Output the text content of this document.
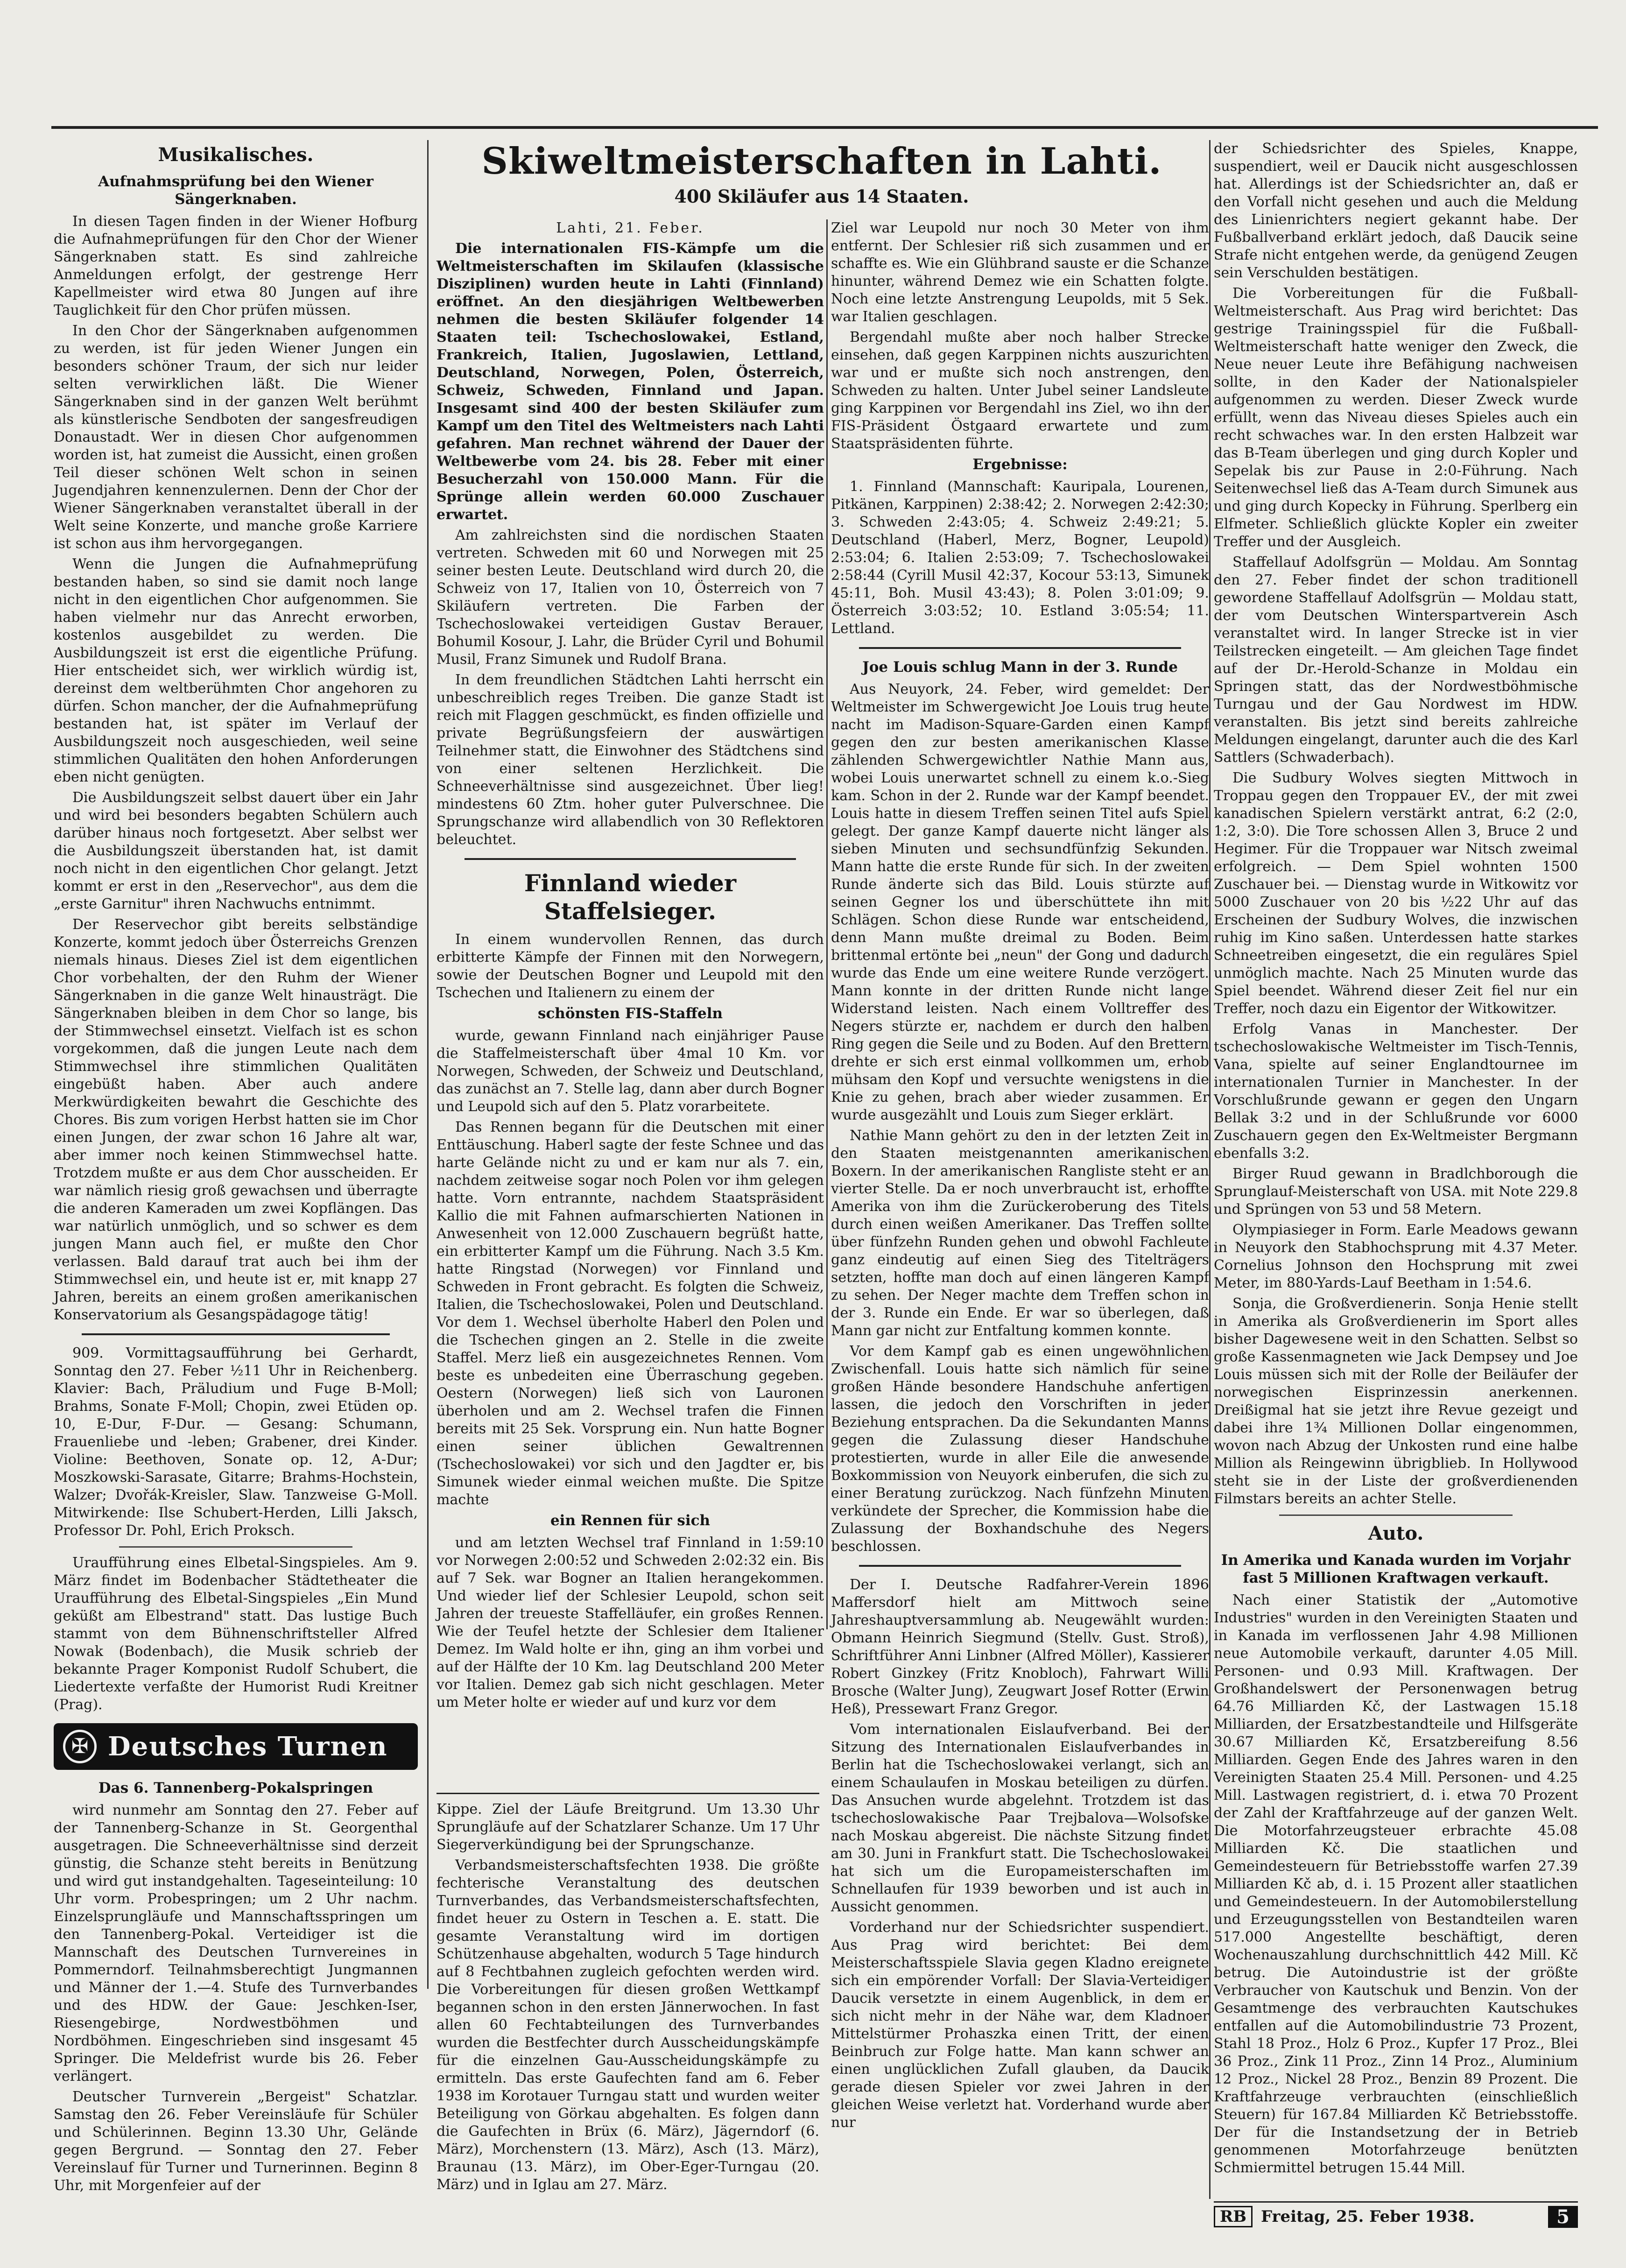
Musikalisches.
Aufnahmsprüfung bei den Wiener Sängerknaben.

In diesen Tagen finden in der Wiener Hofburg die Aufnahmeprüfungen für den Chor der Wiener Sängerknaben statt. Es sind zahlreiche Anmeldungen erfolgt, der gestrenge Herr Kapellmeister wird etwa 80 Jungen auf ihre Tauglichkeit für den Chor prüfen müssen.

In den Chor der Sängerknaben aufgenommen zu werden, ist für jeden Wiener Jungen ein besonders schöner Traum, der sich nur leider selten verwirklichen läßt. Die Wiener Sängerknaben sind in der ganzen Welt berühmt als künstlerische Sendboten der sangesfreudigen Donaustadt. Wer in diesen Chor aufgenommen worden ist, hat zumeist die Aussicht, einen großen Teil dieser schönen Welt schon in seinen Jugendjahren kennenzulernen. Denn der Chor der Wiener Sängerknaben veranstaltet überall in der Welt seine Konzerte, und manche große Karriere ist schon aus ihm hervorgegangen.

Wenn die Jungen die Aufnahmeprüfung bestanden haben, so sind sie damit noch lange nicht in den eigentlichen Chor aufgenommen. Sie haben vielmehr nur das Anrecht erworben, kostenlos ausgebildet zu werden. Die Ausbildungszeit ist erst die eigentliche Prüfung. Hier entscheidet sich, wer wirklich würdig ist, dereinst dem weltberühmten Chor angehoren zu dürfen. Schon mancher, der die Aufnahmeprüfung bestanden hat, ist später im Verlauf der Ausbildungszeit noch ausgeschieden, weil seine stimmlichen Qualitäten den hohen Anforderungen eben nicht genügten.

Die Ausbildungszeit selbst dauert über ein Jahr und wird bei besonders begabten Schülern auch darüber hinaus noch fortgesetzt. Aber selbst wer die Ausbildungszeit überstanden hat, ist damit noch nicht in den eigentlichen Chor gelangt. Jetzt kommt er erst in den „Reservechor", aus dem die „erste Garnitur" ihren Nachwuchs entnimmt.

Der Reservechor gibt bereits selbständige Konzerte, kommt jedoch über Österreichs Grenzen niemals hinaus. Dieses Ziel ist dem eigentlichen Chor vorbehalten, der den Ruhm der Wiener Sängerknaben in die ganze Welt hinausträgt. Die Sängerknaben bleiben in dem Chor so lange, bis der Stimmwechsel einsetzt. Vielfach ist es schon vorgekommen, daß die jungen Leute nach dem Stimmwechsel ihre stimmlichen Qualitäten eingebüßt haben. Aber auch andere Merkwürdigkeiten bewahrt die Geschichte des Chores. Bis zum vorigen Herbst hatten sie im Chor einen Jungen, der zwar schon 16 Jahre alt war, aber immer noch keinen Stimmwechsel hatte. Trotzdem mußte er aus dem Chor ausscheiden. Er war nämlich riesig groß gewachsen und überragte die anderen Kameraden um zwei Kopflängen. Das war natürlich unmöglich, und so schwer es dem jungen Mann auch fiel, er mußte den Chor verlassen. Bald darauf trat auch bei ihm der Stimmwechsel ein, und heute ist er, mit knapp 27 Jahren, bereits an einem großen amerikanischen Konservatorium als Gesangspädagoge tätig!

909. Vormittagsaufführung bei Gerhardt, Sonntag den 27. Feber ½11 Uhr in Reichenberg. Klavier: Bach, Präludium und Fuge B-Moll; Brahms, Sonate F-Moll; Chopin, zwei Etüden op. 10, E-Dur, F-Dur. — Gesang: Schumann, Frauenliebe und -leben; Grabener, drei Kinder. Violine: Beethoven, Sonate op. 12, A-Dur; Moszkowski-Sarasate, Gitarre; Brahms-Hochstein, Walzer; Dvořák-Kreisler, Slaw. Tanzweise G-Moll. Mitwirkende: Ilse Schubert-Herden, Lilli Jaksch, Professor Dr. Pohl, Erich Proksch.

Uraufführung eines Elbetal-Singspieles. Am 9. März findet im Bodenbacher Städtetheater die Uraufführung des Elbetal-Singspieles „Ein Mund geküßt am Elbestrand" statt. Das lustige Buch stammt von dem Bühnenschriftsteller Alfred Nowak (Bodenbach), die Musik schrieb der bekannte Prager Komponist Rudolf Schubert, die Liedertexte verfaßte der Humorist Rudi Kreitner (Prag).

✠ Deutsches Turnen
Das 6. Tannenberg-Pokalspringen

wird nunmehr am Sonntag den 27. Feber auf der Tannenberg-Schanze in St. Georgenthal ausgetragen. Die Schneeverhältnisse sind derzeit günstig, die Schanze steht bereits in Benützung und wird gut instandgehalten. Tageseinteilung: 10 Uhr vorm. Probespringen; um 2 Uhr nachm. Einzelsprungläufe und Mannschaftsspringen um den Tannenberg-Pokal. Verteidiger ist die Mannschaft des Deutschen Turnvereines in Pommerndorf. Teilnahmsberechtigt Jungmannen und Männer der 1.—4. Stufe des Turnverbandes und des HDW. der Gaue: Jeschken-Iser, Riesengebirge, Nordwestböhmen und Nordböhmen. Eingeschrieben sind insgesamt 45 Springer. Die Meldefrist wurde bis 26. Feber verlängert.

Deutscher Turnverein „Bergeist" Schatzlar. Samstag den 26. Feber Vereinsläufe für Schüler und Schülerinnen. Beginn 13.30 Uhr, Gelände gegen Bergrund. — Sonntag den 27. Feber Vereinslauf für Turner und Turnerinnen. Beginn 8 Uhr, mit Morgenfeier auf der

Skiweltmeisterschaften in Lahti.
400 Skiläufer aus 14 Staaten.

Lahti, 21. Feber.

Die internationalen FIS-Kämpfe um die Weltmeisterschaften im Skilaufen (klassische Disziplinen) wurden heute in Lahti (Finnland) eröffnet. An den diesjährigen Weltbewerben nehmen die besten Skiläufer folgender 14 Staaten teil: Tschechoslowakei, Estland, Frankreich, Italien, Jugoslawien, Lettland, Deutschland, Norwegen, Polen, Österreich, Schweiz, Schweden, Finnland und Japan. Insgesamt sind 400 der besten Skiläufer zum Kampf um den Titel des Weltmeisters nach Lahti gefahren. Man rechnet während der Dauer der Weltbewerbe vom 24. bis 28. Feber mit einer Besucherzahl von 150.000 Mann. Für die Sprünge allein werden 60.000 Zuschauer erwartet.

Am zahlreichsten sind die nordischen Staaten vertreten. Schweden mit 60 und Norwegen mit 25 seiner besten Leute. Deutschland wird durch 20, die Schweiz von 17, Italien von 10, Österreich von 7 Skiläufern vertreten. Die Farben der Tschechoslowakei verteidigen Gustav Berauer, Bohumil Kosour, J. Lahr, die Brüder Cyril und Bohumil Musil, Franz Simunek und Rudolf Brana.

In dem freundlichen Städtchen Lahti herrscht ein unbeschreiblich reges Treiben. Die ganze Stadt ist reich mit Flaggen geschmückt, es finden offizielle und private Begrüßungsfeiern der auswärtigen Teilnehmer statt, die Einwohner des Städtchens sind von einer seltenen Herzlichkeit. Die Schneeverhältnisse sind ausgezeichnet. Über lieg! mindestens 60 Ztm. hoher guter Pulverschnee. Die Sprungschanze wird allabendlich von 30 Reflektoren beleuchtet.

Finnland wieder Staffelsieger.

In einem wundervollen Rennen, das durch erbitterte Kämpfe der Finnen mit den Norwegern, sowie der Deutschen Bogner und Leupold mit den Tschechen und Italienern zu einem der

schönsten FIS-Staffeln

wurde, gewann Finnland nach einjähriger Pause die Staffelmeisterschaft über 4mal 10 Km. vor Norwegen, Schweden, der Schweiz und Deutschland, das zunächst an 7. Stelle lag, dann aber durch Bogner und Leupold sich auf den 5. Platz vorarbeitete.

Das Rennen begann für die Deutschen mit einer Enttäuschung. Haberl sagte der feste Schnee und das harte Gelände nicht zu und er kam nur als 7. ein, nachdem zeitweise sogar noch Polen vor ihm gelegen hatte. Vorn entrannte, nachdem Staatspräsident Kallio die mit Fahnen aufmarschierten Nationen in Anwesenheit von 12.000 Zuschauern begrüßt hatte, ein erbitterter Kampf um die Führung. Nach 3.5 Km. hatte Ringstad (Norwegen) vor Finnland und Schweden in Front gebracht. Es folgten die Schweiz, Italien, die Tschechoslowakei, Polen und Deutschland. Vor dem 1. Wechsel überholte Haberl den Polen und die Tschechen gingen an 2. Stelle in die zweite Staffel. Merz ließ ein ausgezeichnetes Rennen. Vom beste es unbedeiten eine Überraschung gegeben. Oestern (Norwegen) ließ sich von Lauronen überholen und am 2. Wechsel trafen die Finnen bereits mit 25 Sek. Vorsprung ein. Nun hatte Bogner einen seiner üblichen Gewaltrennen (Tschechoslowakei) vor sich und den Jagdter er, bis Simunek wieder einmal weichen mußte. Die Spitze machte

ein Rennen für sich

und am letzten Wechsel traf Finnland in 1:59:10 vor Norwegen 2:00:52 und Schweden 2:02:32 ein. Bis auf 7 Sek. war Bogner an Italien herangekommen. Und wieder lief der Schlesier Leupold, schon seit Jahren der treueste Staffelläufer, ein großes Rennen. Wie der Teufel hetzte der Schlesier dem Italiener Demez. Im Wald holte er ihn, ging an ihm vorbei und auf der Hälfte der 10 Km. lag Deutschland 200 Meter vor Italien. Demez gab sich nicht geschlagen. Meter um Meter holte er wieder auf und kurz vor dem

Ziel war Leupold nur noch 30 Meter von ihm entfernt. Der Schlesier riß sich zusammen und er schaffte es. Wie ein Glühbrand sauste er die Schanze hinunter, während Demez wie ein Schatten folgte. Noch eine letzte Anstrengung Leupolds, mit 5 Sek. war Italien geschlagen.

Bergendahl mußte aber noch halber Strecke einsehen, daß gegen Karppinen nichts auszurichten war und er mußte sich noch anstrengen, den Schweden zu halten. Unter Jubel seiner Landsleute ging Karppinen vor Bergendahl ins Ziel, wo ihn der FIS-Präsident Östgaard erwartete und zum Staatspräsidenten führte.

Ergebnisse:

1. Finnland (Mannschaft: Kauripala, Lourenen, Pitkänen, Karppinen) 2:38:42; 2. Norwegen 2:42:30; 3. Schweden 2:43:05; 4. Schweiz 2:49:21; 5. Deutschland (Haberl, Merz, Bogner, Leupold) 2:53:04; 6. Italien 2:53:09; 7. Tschechoslowakei 2:58:44 (Cyrill Musil 42:37, Kocour 53:13, Simunek 45:11, Boh. Musil 43:43); 8. Polen 3:01:09; 9. Österreich 3:03:52; 10. Estland 3:05:54; 11. Lettland.

Joe Louis schlug Mann in der 3. Runde

Aus Neuyork, 24. Feber, wird gemeldet: Der Weltmeister im Schwergewicht Joe Louis trug heute nacht im Madison-Square-Garden einen Kampf gegen den zur besten amerikanischen Klasse zählenden Schwergewichtler Nathie Mann aus, wobei Louis unerwartet schnell zu einem k.o.-Sieg kam. Schon in der 2. Runde war der Kampf beendet. Louis hatte in diesem Treffen seinen Titel aufs Spiel gelegt. Der ganze Kampf dauerte nicht länger als sieben Minuten und sechsundfünfzig Sekunden. Mann hatte die erste Runde für sich. In der zweiten Runde änderte sich das Bild. Louis stürzte auf seinen Gegner los und überschüttete ihn mit Schlägen. Schon diese Runde war entscheidend, denn Mann mußte dreimal zu Boden. Beim brittenmal ertönte bei „neun" der Gong und dadurch wurde das Ende um eine weitere Runde verzögert. Mann konnte in der dritten Runde nicht lange Widerstand leisten. Nach einem Volltreffer des Negers stürzte er, nachdem er durch den halben Ring gegen die Seile und zu Boden. Auf den Brettern drehte er sich erst einmal vollkommen um, erhob mühsam den Kopf und versuchte wenigstens in die Knie zu gehen, brach aber wieder zusammen. Er wurde ausgezählt und Louis zum Sieger erklärt.

Nathie Mann gehört zu den in der letzten Zeit in den Staaten meistgenannten amerikanischen Boxern. In der amerikanischen Rangliste steht er an vierter Stelle. Da er noch unverbraucht ist, erhoffte Amerika von ihm die Zurückeroberung des Titels durch einen weißen Amerikaner. Das Treffen sollte über fünfzehn Runden gehen und obwohl Fachleute ganz eindeutig auf einen Sieg des Titelträgers setzten, hoffte man doch auf einen längeren Kampf zu sehen. Der Neger machte dem Treffen schon in der 3. Runde ein Ende. Er war so überlegen, daß Mann gar nicht zur Entfaltung kommen konnte.

Vor dem Kampf gab es einen ungewöhnlichen Zwischenfall. Louis hatte sich nämlich für seine großen Hände besondere Handschuhe anfertigen lassen, die jedoch den Vorschriften in jeder Beziehung entsprachen. Da die Sekundanten Manns gegen die Zulassung dieser Handschuhe protestierten, wurde in aller Eile die anwesende Boxkommission von Neuyork einberufen, die sich zu einer Beratung zurückzog. Nach fünfzehn Minuten verkündete der Sprecher, die Kommission habe die Zulassung der Boxhandschuhe des Negers beschlossen.

Der I. Deutsche Radfahrer-Verein 1896 Maffersdorf hielt am Mittwoch seine Jahreshauptversammlung ab. Neugewählt wurden: Obmann Heinrich Siegmund (Stellv. Gust. Stroß), Schriftführer Anni Linbner (Alfred Möller), Kassierer Robert Ginzkey (Fritz Knobloch), Fahrwart Willi Brosche (Walter Jung), Zeugwart Josef Rotter (Erwin Heß), Pressewart Franz Gregor.

Vom internationalen Eislaufverband. Bei der Sitzung des Internationalen Eislaufverbandes in Berlin hat die Tschechoslowakei verlangt, sich an einem Schaulaufen in Moskau beteiligen zu dürfen. Das Ansuchen wurde abgelehnt. Trotzdem ist das tschechoslowakische Paar Trejbalova—Wolsofske nach Moskau abgereist. Die nächste Sitzung findet am 30. Juni in Frankfurt statt. Die Tschechoslowakei hat sich um die Europameisterschaften im Schnellaufen für 1939 beworben und ist auch in Aussicht genommen.

Vorderhand nur der Schiedsrichter suspendiert. Aus Prag wird berichtet: Bei dem Meisterschaftsspiele Slavia gegen Kladno ereignete sich ein empörender Vorfall: Der Slavia-Verteidiger Daucik versetzte in einem Augenblick, in dem er sich nicht mehr in der Nähe war, dem Kladnoer Mittelstürmer Prohaszka einen Tritt, der einen Beinbruch zur Folge hatte. Man kann schwer an einen unglücklichen Zufall glauben, da Daucik gerade diesen Spieler vor zwei Jahren in der gleichen Weise verletzt hat. Vorderhand wurde aber nur

Kippe. Ziel der Läufe Breitgrund. Um 13.30 Uhr Sprungläufe auf der Schatzlarer Schanze. Um 17 Uhr Siegerverkündigung bei der Sprungschanze.

Verbandsmeisterschaftsfechten 1938. Die größte fechterische Veranstaltung des deutschen Turnverbandes, das Verbandsmeisterschaftsfechten, findet heuer zu Ostern in Teschen a. E. statt. Die gesamte Veranstaltung wird im dortigen Schützenhause abgehalten, wodurch 5 Tage hindurch auf 8 Fechtbahnen zugleich gefochten werden wird. Die Vorbereitungen für diesen großen Wettkampf begannen schon in den ersten Jännerwochen. In fast allen 60 Fechtabteilungen des Turnverbandes wurden die Bestfechter durch Ausscheidungskämpfe für die einzelnen Gau-Ausscheidungskämpfe zu ermitteln. Das erste Gaufechten fand am 6. Feber 1938 im Korotauer Turngau statt und wurden weiter Beteiligung von Görkau abgehalten. Es folgen dann die Gaufechten in Brüx (6. März), Jägerndorf (6. März), Morchenstern (13. März), Asch (13. März), Braunau (13. März), im Ober-Eger-Turngau (20. März) und in Iglau am 27. März.

der Schiedsrichter des Spieles, Knappe, suspendiert, weil er Daucik nicht ausgeschlossen hat. Allerdings ist der Schiedsrichter an, daß er den Vorfall nicht gesehen und auch die Meldung des Linienrichters negiert gekannt habe. Der Fußballverband erklärt jedoch, daß Daucik seine Strafe nicht entgehen werde, da genügend Zeugen sein Verschulden bestätigen.

Die Vorbereitungen für die Fußball-Weltmeisterschaft. Aus Prag wird berichtet: Das gestrige Trainingsspiel für die Fußball-Weltmeisterschaft hatte weniger den Zweck, die Neue neuer Leute ihre Befähigung nachweisen sollte, in den Kader der Nationalspieler aufgenommen zu werden. Dieser Zweck wurde erfüllt, wenn das Niveau dieses Spieles auch ein recht schwaches war. In den ersten Halbzeit war das B-Team überlegen und ging durch Kopler und Sepelak bis zur Pause in 2:0-Führung. Nach Seitenwechsel ließ das A-Team durch Simunek aus und ging durch Kopecky in Führung. Sperlberg ein Elfmeter. Schließlich glückte Kopler ein zweiter Treffer und der Ausgleich.

Staffellauf Adolfsgrün — Moldau. Am Sonntag den 27. Feber findet der schon traditionell gewordene Staffellauf Adolfsgrün — Moldau statt, der vom Deutschen Winterspartverein Asch veranstaltet wird. In langer Strecke ist in vier Teilstrecken eingeteilt. — Am gleichen Tage findet auf der Dr.-Herold-Schanze in Moldau ein Springen statt, das der Nordwestböhmische Turngau und der Gau Nordwest im HDW. veranstalten. Bis jetzt sind bereits zahlreiche Meldungen eingelangt, darunter auch die des Karl Sattlers (Schwaderbach).

Die Sudbury Wolves siegten Mittwoch in Troppau gegen den Troppauer EV., der mit zwei kanadischen Spielern verstärkt antrat, 6:2 (2:0, 1:2, 3:0). Die Tore schossen Allen 3, Bruce 2 und Hegimer. Für die Troppauer war Nitsch zweimal erfolgreich. — Dem Spiel wohnten 1500 Zuschauer bei. — Dienstag wurde in Witkowitz vor 5000 Zuschauer von 20 bis ½22 Uhr auf das Erscheinen der Sudbury Wolves, die inzwischen ruhig im Kino saßen. Unterdessen hatte starkes Schneetreiben eingesetzt, die ein reguläres Spiel unmöglich machte. Nach 25 Minuten wurde das Spiel beendet. Während dieser Zeit fiel nur ein Treffer, noch dazu ein Eigentor der Witkowitzer.

Erfolg Vanas in Manchester. Der tschechoslowakische Weltmeister im Tisch-Tennis, Vana, spielte auf seiner Englandtournee im internationalen Turnier in Manchester. In der Vorschlußrunde gewann er gegen den Ungarn Bellak 3:2 und in der Schlußrunde vor 6000 Zuschauern gegen den Ex-Weltmeister Bergmann ebenfalls 3:2.

Birger Ruud gewann in Bradlchborough die Sprunglauf-Meisterschaft von USA. mit Note 229.8 und Sprüngen von 53 und 58 Metern.

Olympiasieger in Form. Earle Meadows gewann in Neuyork den Stabhochsprung mit 4.37 Meter. Cornelius Johnson den Hochsprung mit zwei Meter, im 880-Yards-Lauf Beetham in 1:54.6.

Sonja, die Großverdienerin. Sonja Henie stellt in Amerika als Großverdienerin im Sport alles bisher Dagewesene weit in den Schatten. Selbst so große Kassenmagneten wie Jack Dempsey und Joe Louis müssen sich mit der Rolle der Beiläufer der norwegischen Eisprinzessin anerkennen. Dreißigmal hat sie jetzt ihre Revue gezeigt und dabei ihre 1¾ Millionen Dollar eingenommen, wovon nach Abzug der Unkosten rund eine halbe Million als Reingewinn übrigblieb. In Hollywood steht sie in der Liste der großverdienenden Filmstars bereits an achter Stelle.

Auto.
In Amerika und Kanada wurden im Vorjahr fast 5 Millionen Kraftwagen verkauft.

Nach einer Statistik der „Automotive Industries" wurden in den Vereinigten Staaten und in Kanada im verflossenen Jahr 4.98 Millionen neue Automobile verkauft, darunter 4.05 Mill. Personen- und 0.93 Mill. Kraftwagen. Der Großhandelswert der Personenwagen betrug 64.76 Milliarden Kč, der Lastwagen 15.18 Milliarden, der Ersatzbestandteile und Hilfsgeräte 30.67 Milliarden Kč, Ersatzbereifung 8.56 Milliarden. Gegen Ende des Jahres waren in den Vereinigten Staaten 25.4 Mill. Personen- und 4.25 Mill. Lastwagen registriert, d. i. etwa 70 Prozent der Zahl der Kraftfahrzeuge auf der ganzen Welt. Die Motorfahrzeugsteuer erbrachte 45.08 Milliarden Kč. Die staatlichen und Gemeindesteuern für Betriebsstoffe warfen 27.39 Milliarden Kč ab, d. i. 15 Prozent aller staatlichen und Gemeindesteuern. In der Automobilerstellung und Erzeugungsstellen von Bestandteilen waren 517.000 Angestellte beschäftigt, deren Wochenauszahlung durchschnittlich 442 Mill. Kč betrug. Die Autoindustrie ist der größte Verbraucher von Kautschuk und Benzin. Von der Gesamtmenge des verbrauchten Kautschukes entfallen auf die Automobilindustrie 73 Prozent, Stahl 18 Proz., Holz 6 Proz., Kupfer 17 Proz., Blei 36 Proz., Zink 11 Proz., Zinn 14 Proz., Aluminium 12 Proz., Nickel 28 Proz., Benzin 89 Prozent. Die Kraftfahrzeuge verbrauchten (einschließlich Steuern) für 167.84 Milliarden Kč Betriebsstoffe. Der für die Instandsetzung der in Betrieb genommenen Motorfahrzeuge benützten Schmiermittel betrugen 15.44 Mill.

RB Freitag, 25. Feber 1938.	5
